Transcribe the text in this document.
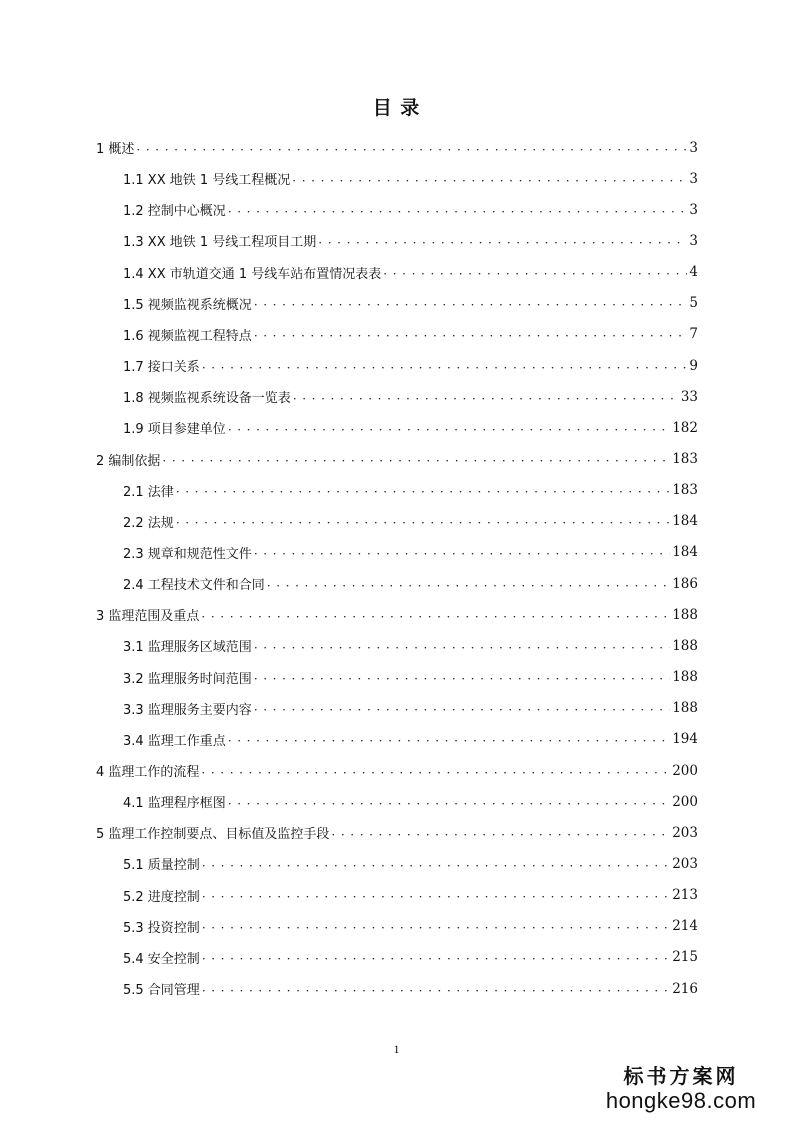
目 录
1 概述 . . .	3
1.1 XX 地铁 1 号线工程概况 . . .	3
1.2 控制中心概况 . . .	3
1.3 XX 地铁 1 号线工程项目工期 . . .	3
1.4 XX 市轨道交通 1 号线车站布置情况表表 . . .	4
1.5 视频监视系统概况 . . .	5
1.6 视频监视工程特点 . . .	7
1.7 接口关系 . . .	9
1.8 视频监视系统设备一览表 . . .	33
1.9 项目参建单位 . . .	182
2 编制依据 . . .	183
2.1 法律 . . .	183
2.2 法规 . . .	184
2.3 规章和规范性文件 . . .	184
2.4 工程技术文件和合同 . . .	186
3 监理范围及重点 . . .	188
3.1 监理服务区域范围 . . .	188
3.2 监理服务时间范围 . . .	188
3.3 监理服务主要内容 . . .	188
3.4 监理工作重点 . . .	194
4 监理工作的流程 . . .	200
4.1 监理程序框图 . . .	200
5 监理工作控制要点、目标值及监控手段 . . .	203
5.1 质量控制 . . .	203
5.2 进度控制 . . .	213
5.3 投资控制 . . .	214
5.4 安全控制 . . .	215
5.5 合同管理 . . .	216
1
标书方案网
hongke98.com
